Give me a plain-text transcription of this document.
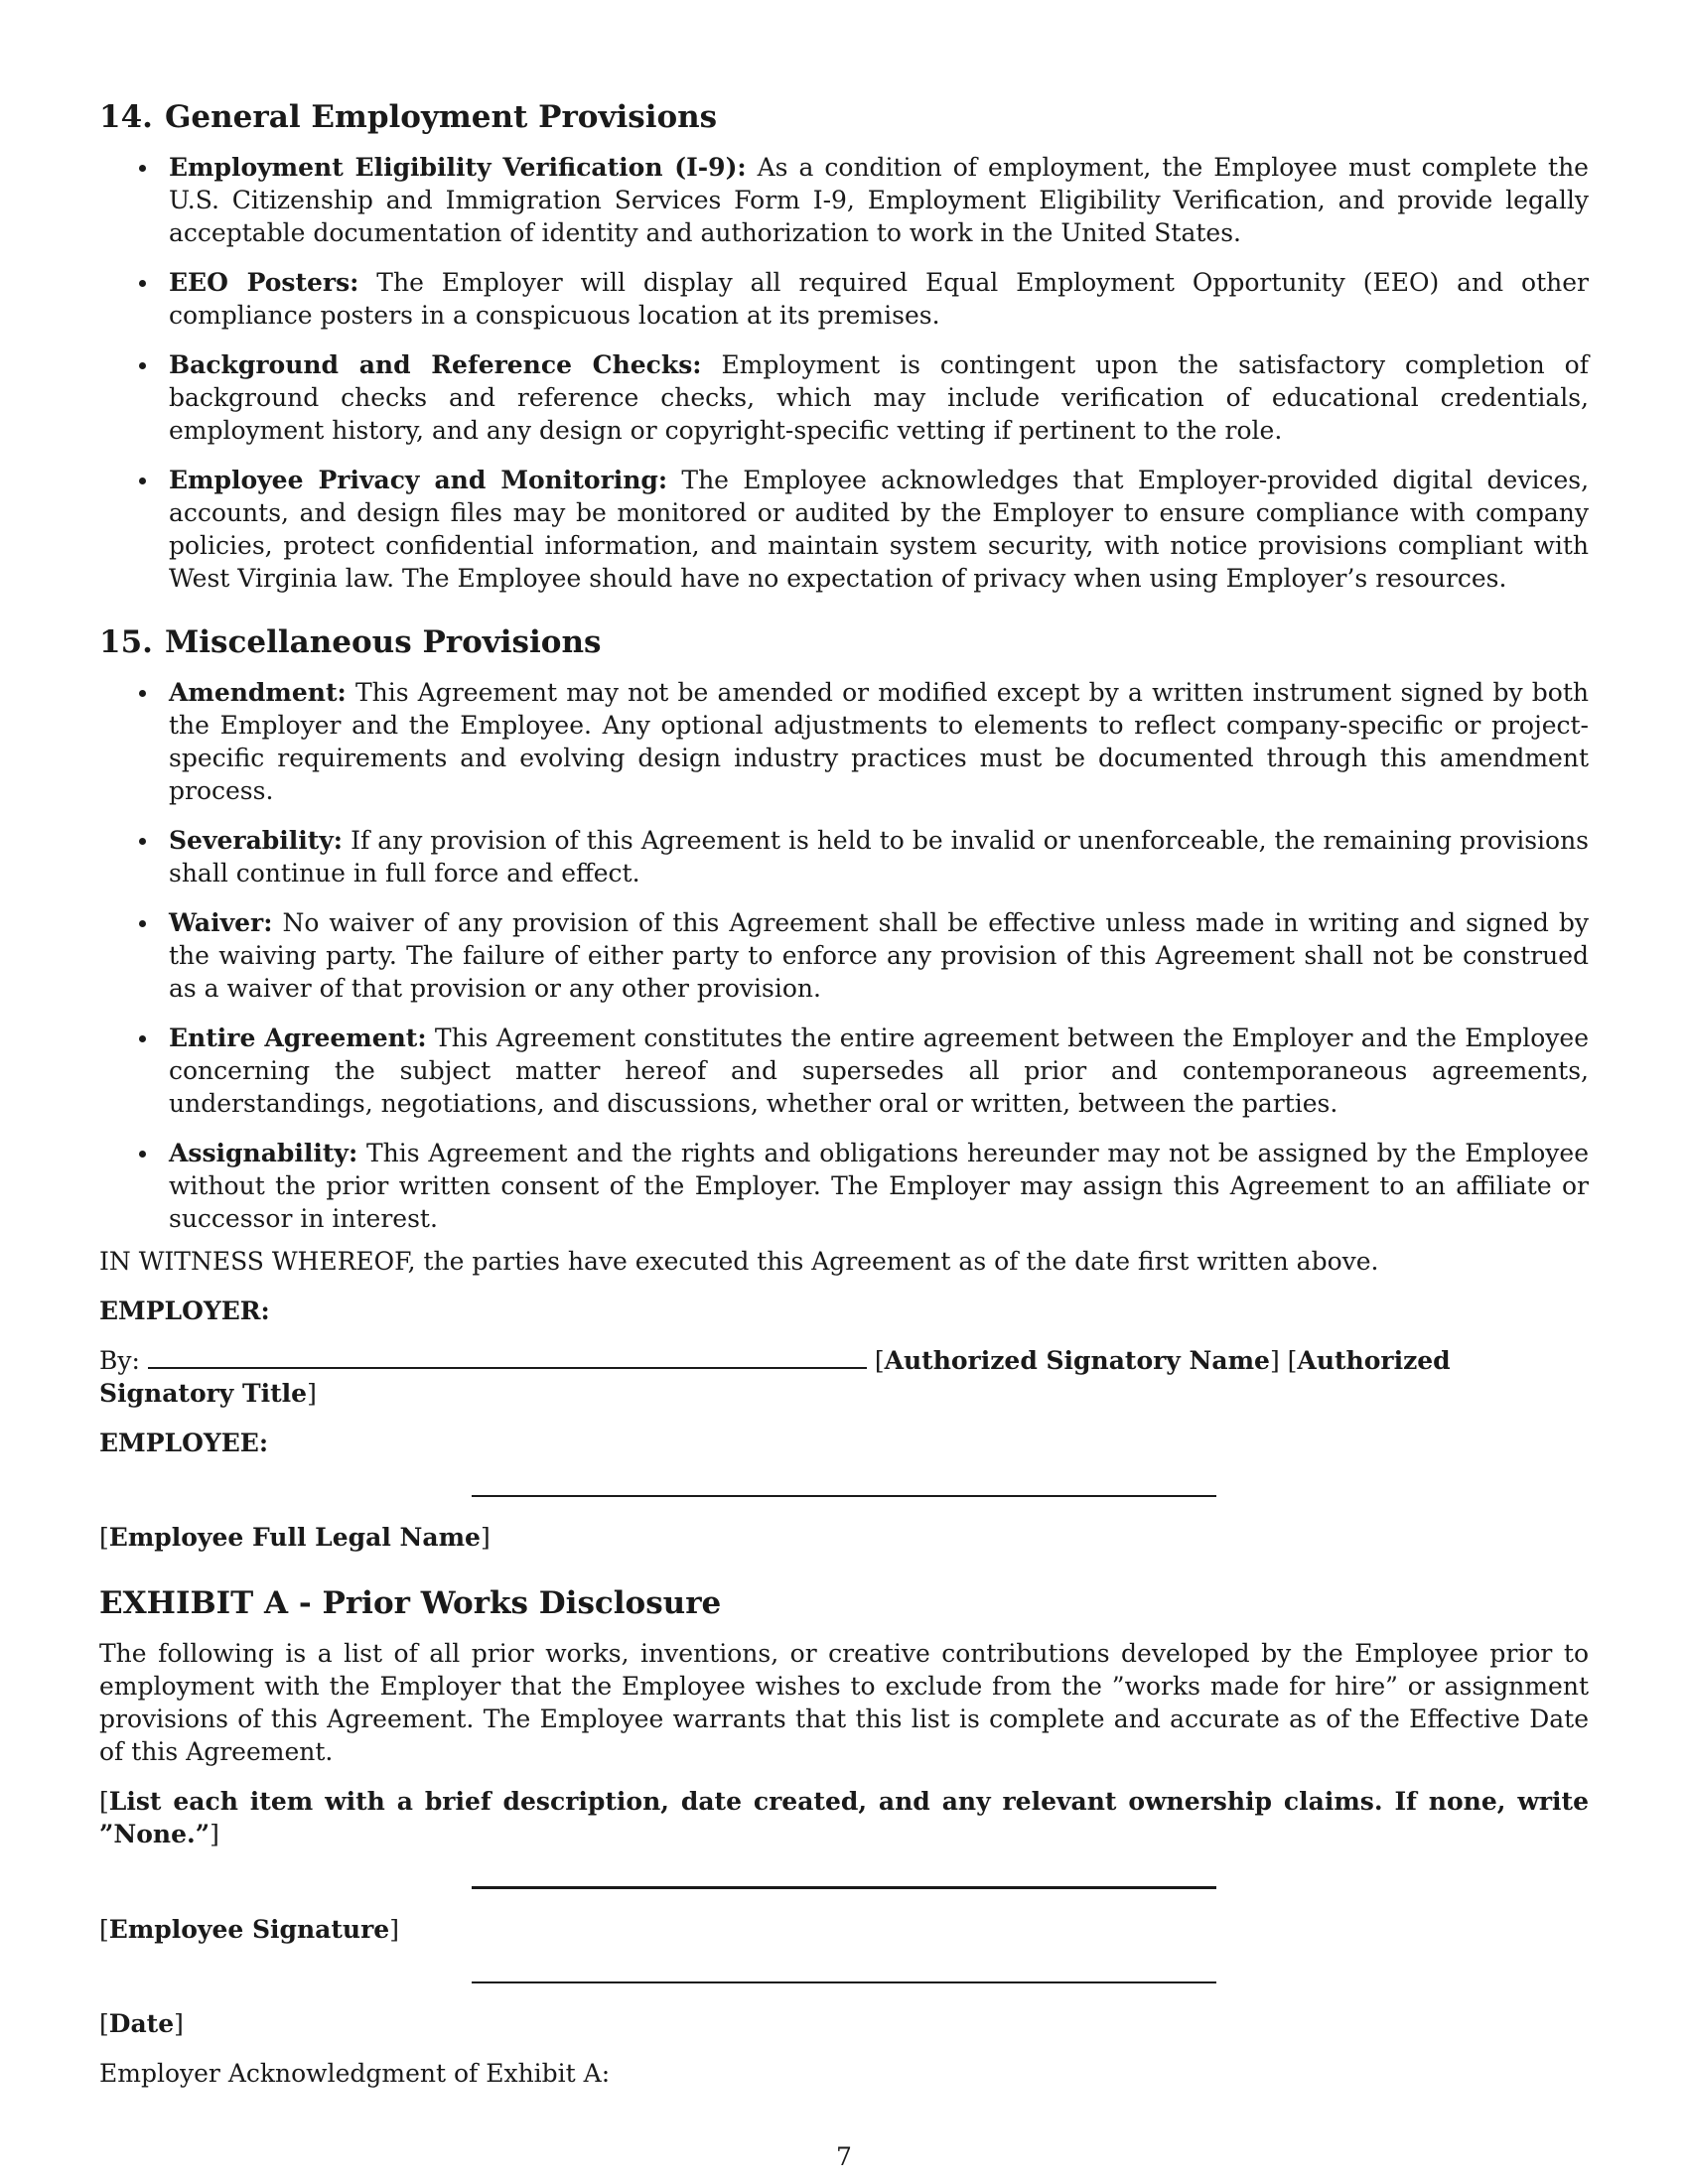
14. General Employment Provisions
Employment Eligibility Verification (I-9): As a condition of employment, the Employee must complete the U.S. Citizenship and Immigration Services Form I-9, Employment Eligibility Verification, and provide legally acceptable documentation of identity and authorization to work in the United States.
EEO Posters: The Employer will display all required Equal Employment Opportunity (EEO) and other compliance posters in a conspicuous location at its premises.
Background and Reference Checks: Employment is contingent upon the satisfactory completion of background checks and reference checks, which may include verification of educational credentials, employment history, and any design or copyright-specific vetting if pertinent to the role.
Employee Privacy and Monitoring: The Employee acknowledges that Employer-provided digital devices, accounts, and design files may be monitored or audited by the Employer to ensure compliance with company policies, protect confidential information, and maintain system security, with notice provisions compliant with West Virginia law. The Employee should have no expectation of privacy when using Employer’s resources.
15. Miscellaneous Provisions
Amendment: This Agreement may not be amended or modified except by a written instrument signed by both the Employer and the Employee. Any optional adjustments to elements to reflect company-specific or project-specific requirements and evolving design industry practices must be documented through this amendment process.
Severability: If any provision of this Agreement is held to be invalid or unenforceable, the remaining provisions shall continue in full force and effect.
Waiver: No waiver of any provision of this Agreement shall be effective unless made in writing and signed by the waiving party. The failure of either party to enforce any provision of this Agreement shall not be construed as a waiver of that provision or any other provision.
Entire Agreement: This Agreement constitutes the entire agreement between the Employer and the Employee concerning the subject matter hereof and supersedes all prior and contemporaneous agreements, understandings, negotiations, and discussions, whether oral or written, between the parties.
Assignability: This Agreement and the rights and obligations hereunder may not be assigned by the Employee without the prior written consent of the Employer. The Employer may assign this Agreement to an affiliate or successor in interest.

IN WITNESS WHEREOF, the parties have executed this Agreement as of the date first written above.

EMPLOYER:

By:	[Authorized Signatory Name] [Authorized Signatory Title]

EMPLOYEE:

[Employee Full Legal Name]

EXHIBIT A - Prior Works Disclosure

The following is a list of all prior works, inventions, or creative contributions developed by the Employee prior to employment with the Employer that the Employee wishes to exclude from the ”works made for hire” or assignment provisions of this Agreement. The Employee warrants that this list is complete and accurate as of the Effective Date of this Agreement.

[List each item with a brief description, date created, and any relevant ownership claims. If none, write ”None.”]

[Employee Signature]

[Date]

Employer Acknowledgment of Exhibit A:

7
